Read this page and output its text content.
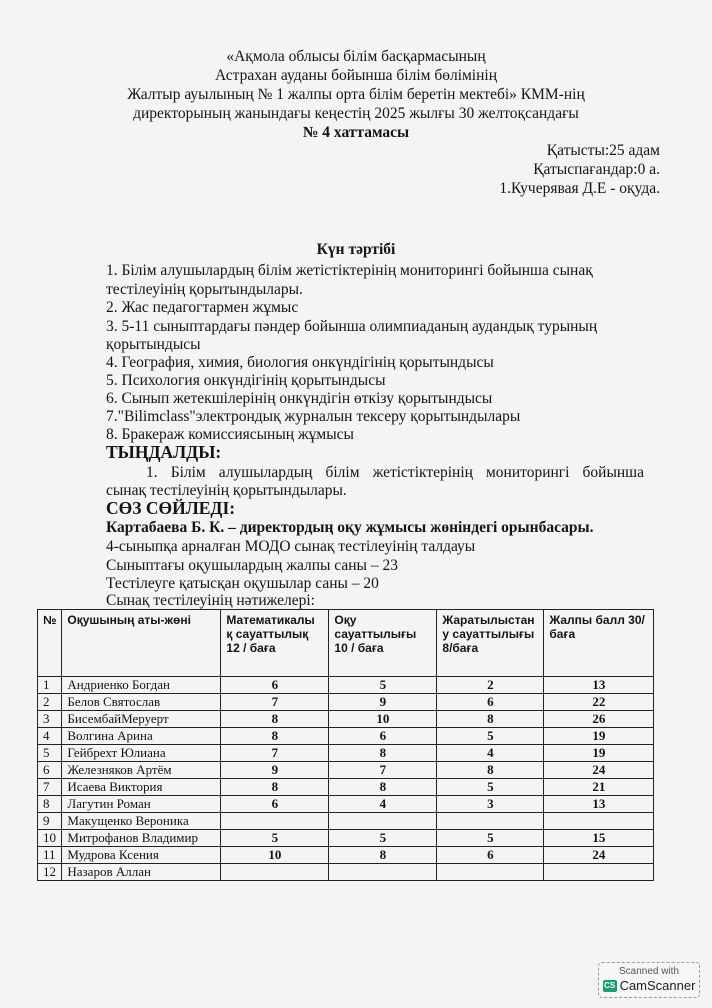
«Ақмола облысы білім басқармасының
Астрахан ауданы бойынша білім бөлімінің
Жалтыр ауылының № 1 жалпы орта білім беретін мектебі» КММ-нің
директорының жанындағы кеңестің 2025 жылғы 30 желтоқсандағы
№ 4 хаттамасы
Қатысты:25 адам
Қатыспағандар:0 а.
1.Кучерявая Д.Е - оқуда.
Күн тәртібі
1. Білім алушылардың білім жетістіктерінің мониторингі бойынша сынақ
тестілеуінің қорытындылары.
2. Жас педагогтармен жұмыс
3. 5-11 сыныптардағы пәндер бойынша олимпиаданың аудандық турының
қорытындысы
4. География, химия, биология онкүндігінің қорытындысы
5. Психология онкүндігінің қорытындысы
6. Сынып жетекшілерінің онкүндігін өткізу қорытындысы
7."Bilimclass"электрондық журналын тексеру қорытындылары
8. Бракераж комиссиясының жұмысы
ТЫҢДАЛДЫ:
1. Білім алушылардың білім жетістіктерінің мониторингі бойынша
сынақ тестілеуінің қорытындылары.
СӨЗ СӨЙЛЕДІ:
Картабаева Б. К. – директордың оқу жұмысы жөніндегі орынбасары.
4-сыныпқа арналған МОДО сынақ тестілеуінің талдауы
Сыныптағы оқушылардың жалпы саны – 23
Тестілеуге қатысқан оқушылар саны – 20
Сынақ тестілеуінің нәтижелері:
№	Оқушының аты-жөні	Математикалы қ сауаттылық 12 / баға	Оқу сауаттылығы 10 / баға	Жаратылыстан у сауаттылығы 8/баға	Жалпы балл 30/баға
1	Андриенко Богдан	6	5	2	13
2	Белов Святослав	7	9	6	22
3	БисембайМеруерт	8	10	8	26
4	Волгина Арина	8	6	5	19
5	Гейбрехт Юлиана	7	8	4	19
6	Железняков Артём	9	7	8	24
7	Исаева Виктория	8	8	5	21
8	Лагутин Роман	6	4	3	13
9	Макущенко Вероника				
10	Митрофанов Владимир	5	5	5	15
11	Мудрова Ксения	10	8	6	24
12	Назаров Аллан				
Scanned with
CS CamScanner
